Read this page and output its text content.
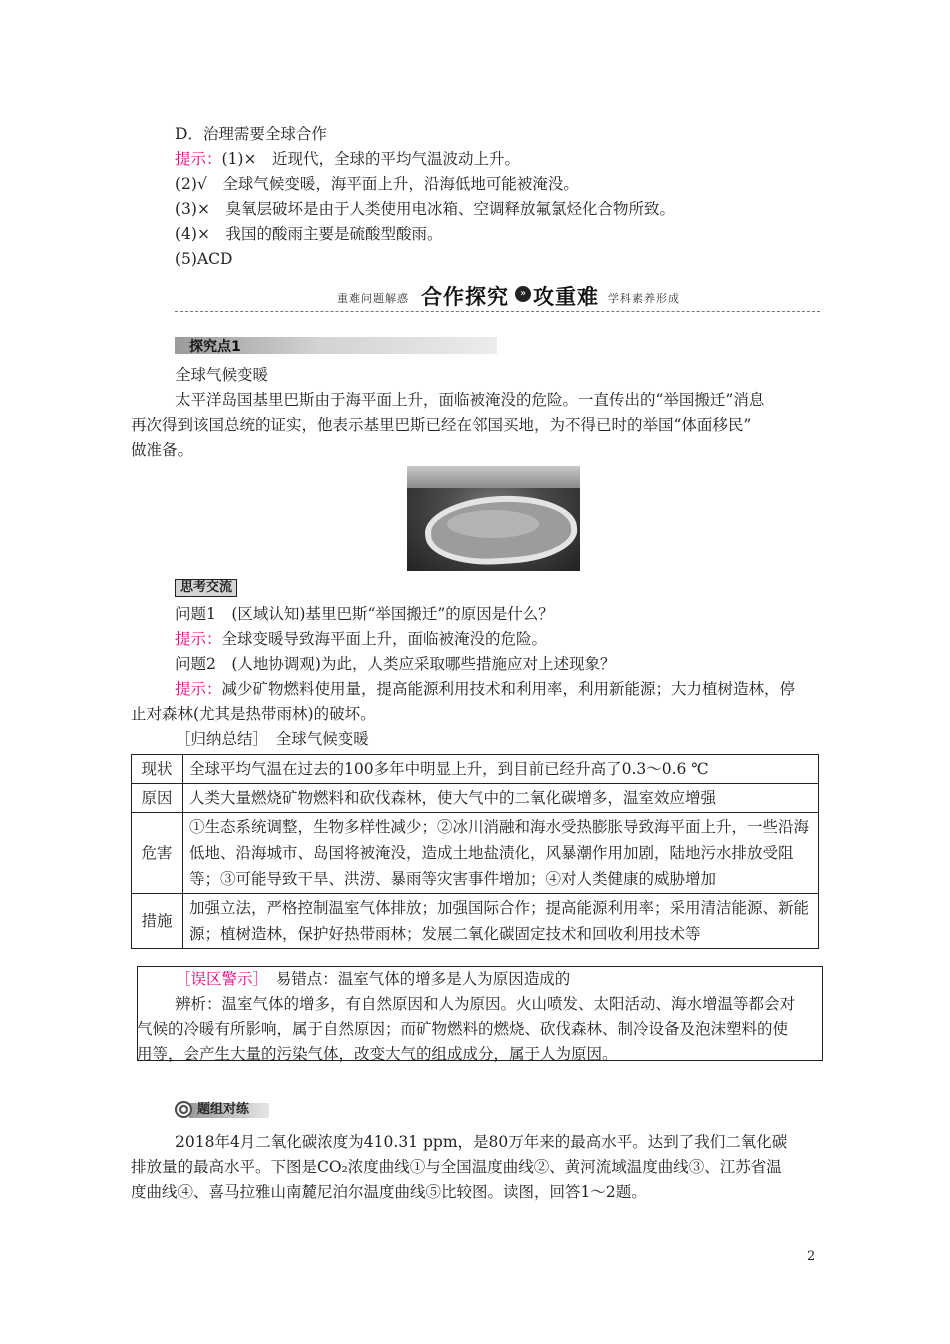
D．治理需要全球合作
提示：(1)×　近现代，全球的平均气温波动上升。
(2)√　全球气候变暖，海平面上升，沿海低地可能被淹没。
(3)×　臭氧层破坏是由于人类使用电冰箱、空调释放氟氯烃化合物所致。
(4)×　我国的酸雨主要是硫酸型酸雨。
(5)ACD
重难问题解惑 合作探究	» 攻重难 学科素养形成
探究点1
全球气候变暖
太平洋岛国基里巴斯由于海平面上升，面临被淹没的危险。一直传出的“举国搬迁”消息
再次得到该国总统的证实，他表示基里巴斯已经在邻国买地，为不得已时的举国“体面移民”
做准备。
思考交流
问题1　(区域认知)基里巴斯“举国搬迁”的原因是什么？
提示：全球变暖导致海平面上升，面临被淹没的危险。
问题2　(人地协调观)为此，人类应采取哪些措施应对上述现象？
提示：减少矿物燃料使用量，提高能源利用技术和利用率，利用新能源；大力植树造林，停
止对森林(尤其是热带雨林)的破坏。
［归纳总结］　全球气候变暖
现状	全球平均气温在过去的100多年中明显上升，到目前已经升高了0.3～0.6 ℃
原因	人类大量燃烧矿物燃料和砍伐森林，使大气中的二氧化碳增多，温室效应增强
危害	①生态系统调整，生物多样性减少；②冰川消融和海水受热膨胀导致海平面上升，一些沿海低地、沿海城市、岛国将被淹没，造成土地盐渍化，风暴潮作用加剧，陆地污水排放受阻等；③可能导致干旱、洪涝、暴雨等灾害事件增加；④对人类健康的威胁增加
措施	加强立法，严格控制温室气体排放；加强国际合作；提高能源利用率；采用清洁能源、新能源；植树造林，保护好热带雨林；发展二氧化碳固定技术和回收利用技术等
［误区警示］　易错点：温室气体的增多是人为原因造成的
辨析：温室气体的增多，有自然原因和人为原因。火山喷发、太阳活动、海水增温等都会对
气候的冷暖有所影响，属于自然原因；而矿物燃料的燃烧、砍伐森林、制冷设备及泡沫塑料的使
用等，会产生大量的污染气体，改变大气的组成成分，属于人为原因。
题组对练
2018年4月二氧化碳浓度为410.31 ppm，是80万年来的最高水平。达到了我们二氧化碳
排放量的最高水平。下图是CO₂浓度曲线①与全国温度曲线②、黄河流域温度曲线③、江苏省温
度曲线④、喜马拉雅山南麓尼泊尔温度曲线⑤比较图。读图，回答1～2题。
2
